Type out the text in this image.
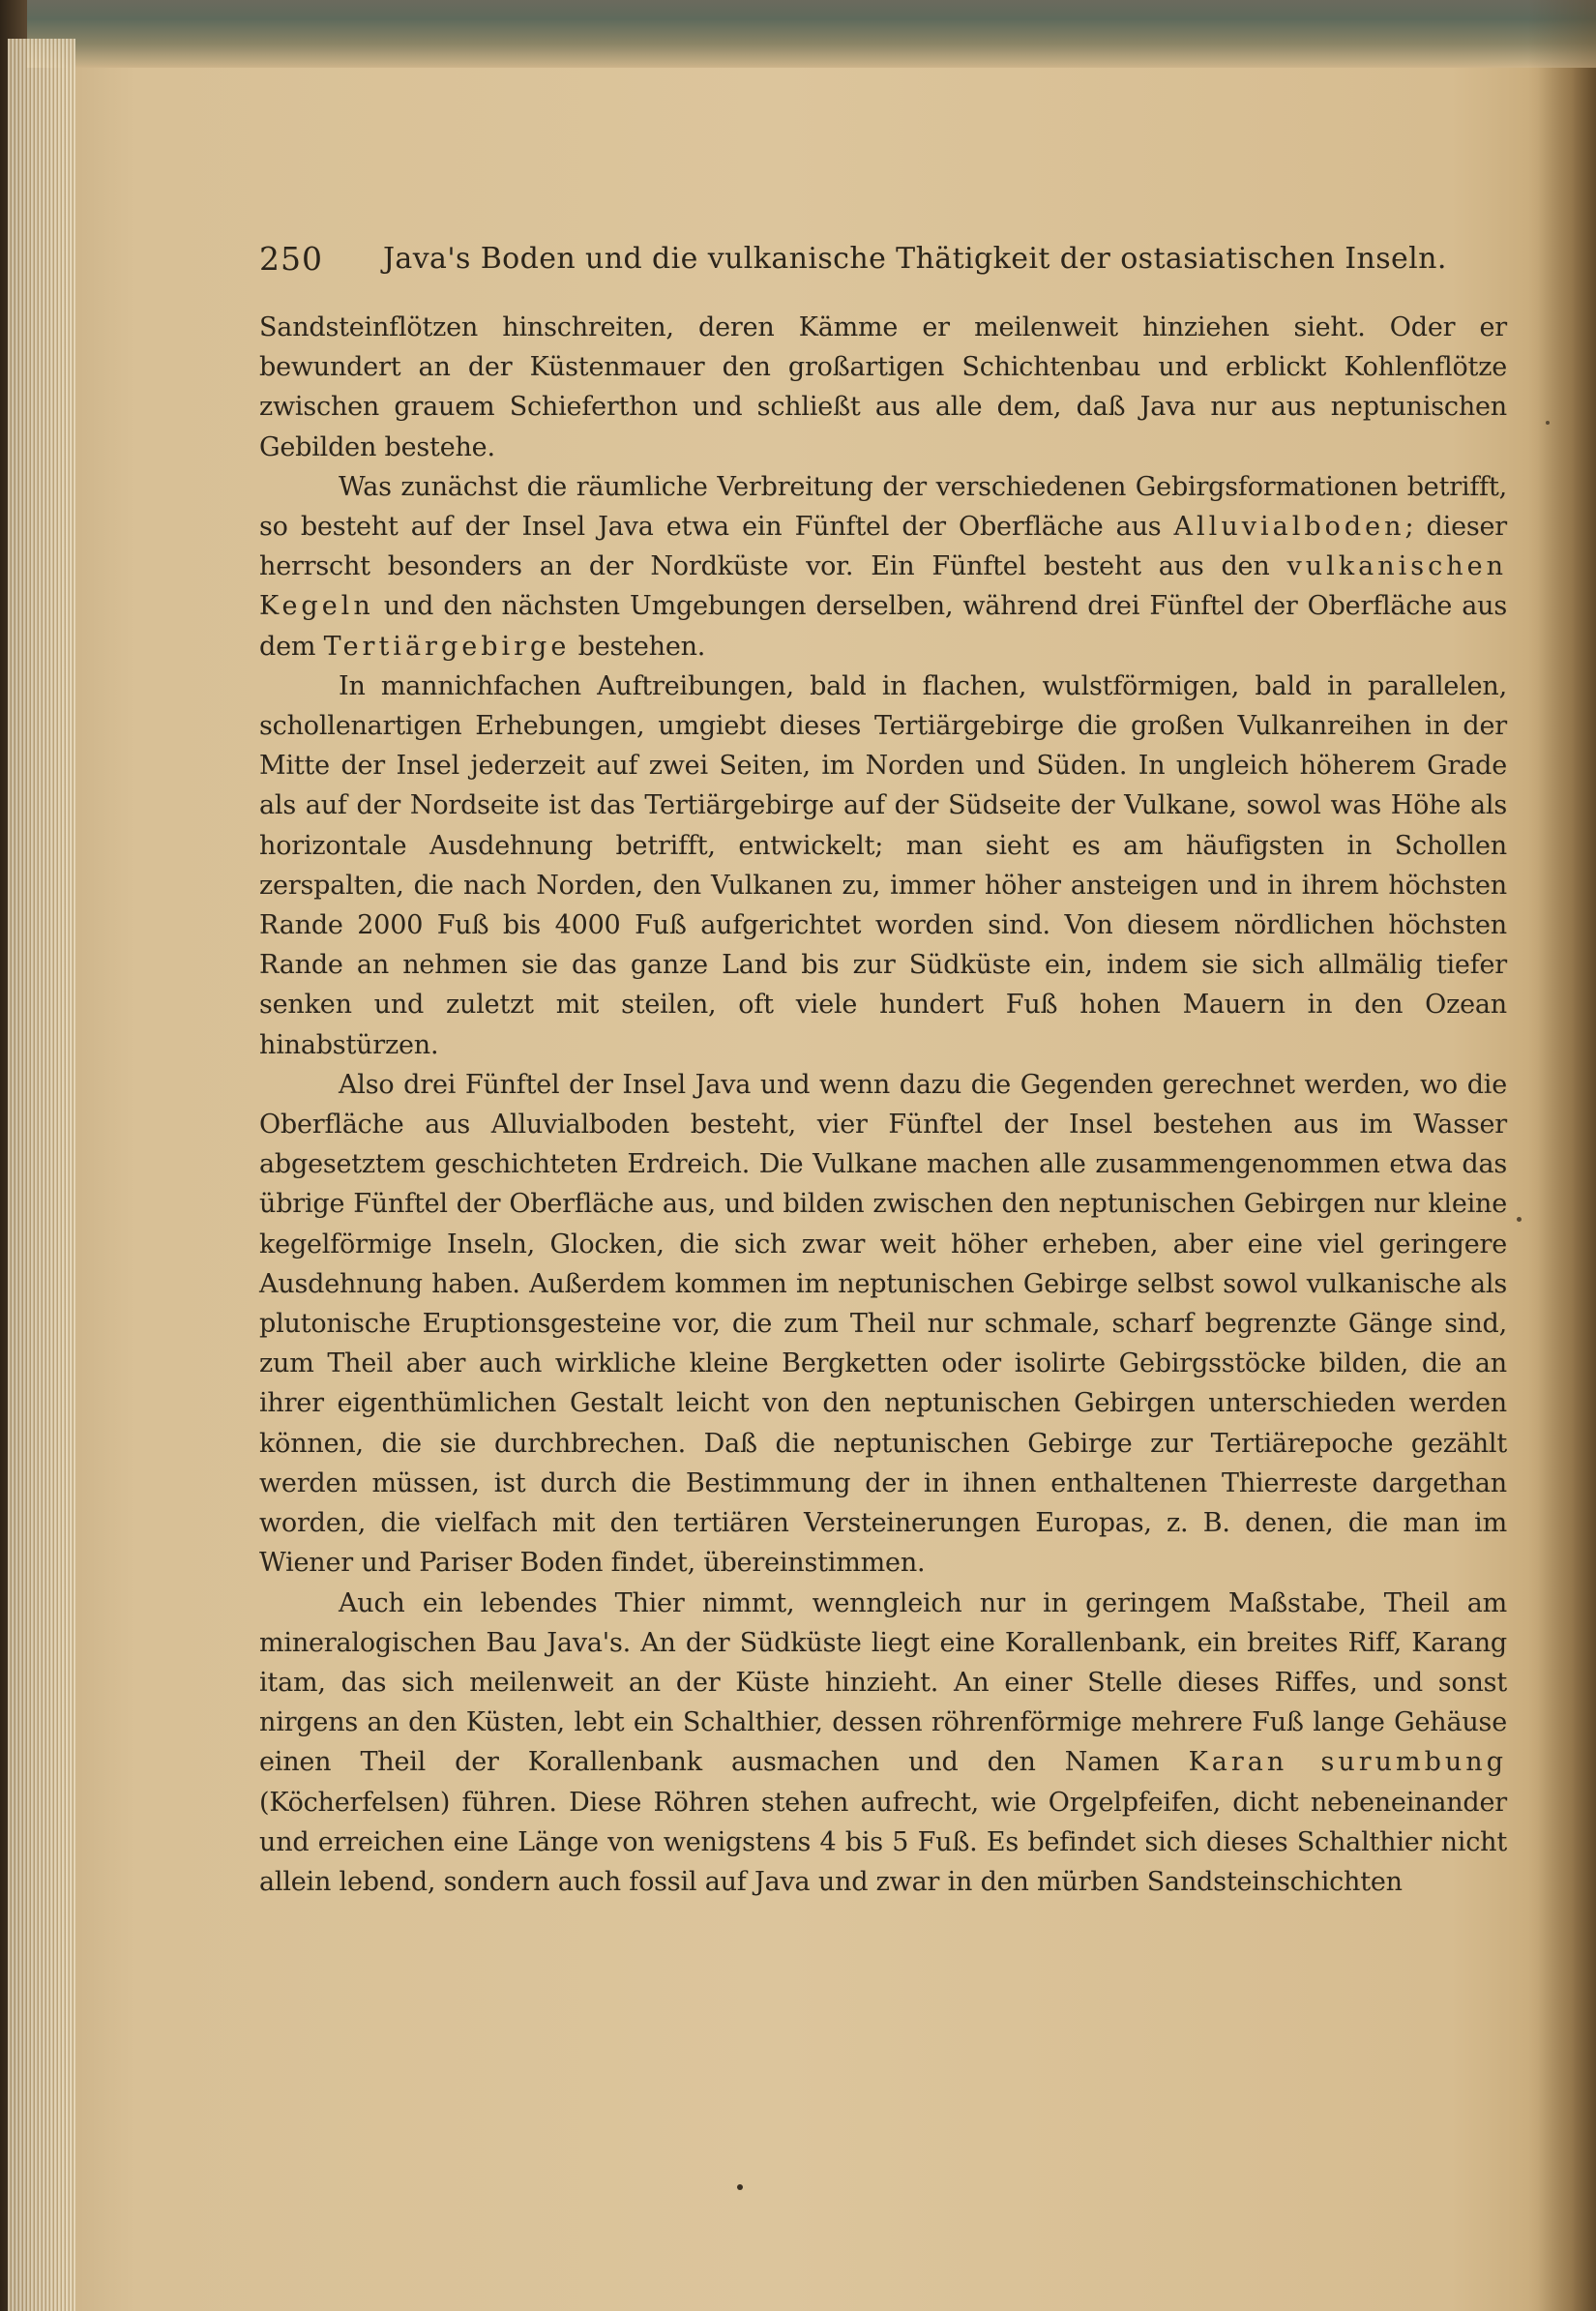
250 Java's Boden und die vulkanische Thätigkeit der ostasiatischen Inseln.

Sandsteinflötzen hinschreiten, deren Kämme er meilenweit hinziehen sieht. Oder er bewundert an der Küstenmauer den großartigen Schichtenbau und erblickt Kohlenflötze zwischen grauem Schieferthon und schließt aus alle dem, daß Java nur aus neptunischen Gebilden bestehe.

Was zunächst die räumliche Verbreitung der verschiedenen Gebirgsformationen betrifft, so besteht auf der Insel Java etwa ein Fünftel der Oberfläche aus Alluvialboden; dieser herrscht besonders an der Nordküste vor. Ein Fünftel besteht aus den vulkanischen Kegeln und den nächsten Umgebungen derselben, während drei Fünftel der Oberfläche aus dem Tertiärgebirge bestehen.

In mannichfachen Auftreibungen, bald in flachen, wulstförmigen, bald in parallelen, schollenartigen Erhebungen, umgiebt dieses Tertiärgebirge die großen Vulkanreihen in der Mitte der Insel jederzeit auf zwei Seiten, im Norden und Süden. In ungleich höherem Grade als auf der Nordseite ist das Tertiärgebirge auf der Südseite der Vulkane, sowol was Höhe als horizontale Ausdehnung betrifft, entwickelt; man sieht es am häufigsten in Schollen zerspalten, die nach Norden, den Vulkanen zu, immer höher ansteigen und in ihrem höchsten Rande 2000 Fuß bis 4000 Fuß aufgerichtet worden sind. Von diesem nördlichen höchsten Rande an nehmen sie das ganze Land bis zur Südküste ein, indem sie sich allmälig tiefer senken und zuletzt mit steilen, oft viele hundert Fuß hohen Mauern in den Ozean hinabstürzen.

Also drei Fünftel der Insel Java und wenn dazu die Gegenden gerechnet werden, wo die Oberfläche aus Alluvialboden besteht, vier Fünftel der Insel bestehen aus im Wasser abgesetztem geschichteten Erdreich. Die Vulkane machen alle zusammengenommen etwa das übrige Fünftel der Oberfläche aus, und bilden zwischen den neptunischen Gebirgen nur kleine kegelförmige Inseln, Glocken, die sich zwar weit höher erheben, aber eine viel geringere Ausdehnung haben. Außerdem kommen im neptunischen Gebirge selbst sowol vulkanische als plutonische Eruptionsgesteine vor, die zum Theil nur schmale, scharf begrenzte Gänge sind, zum Theil aber auch wirkliche kleine Bergketten oder isolirte Gebirgsstöcke bilden, die an ihrer eigenthümlichen Gestalt leicht von den neptunischen Gebirgen unterschieden werden können, die sie durchbrechen. Daß die neptunischen Gebirge zur Tertiärepoche gezählt werden müssen, ist durch die Bestimmung der in ihnen enthaltenen Thierreste dargethan worden, die vielfach mit den tertiären Versteinerungen Europas, z. B. denen, die man im Wiener und Pariser Boden findet, übereinstimmen.

Auch ein lebendes Thier nimmt, wenngleich nur in geringem Maßstabe, Theil am mineralogischen Bau Java's. An der Südküste liegt eine Korallenbank, ein breites Riff, Karang itam, das sich meilenweit an der Küste hinzieht. An einer Stelle dieses Riffes, und sonst nirgens an den Küsten, lebt ein Schalthier, dessen röhrenförmige mehrere Fuß lange Gehäuse einen Theil der Korallenbank ausmachen und den Namen Karan surumbung (Köcherfelsen) führen. Diese Röhren stehen aufrecht, wie Orgelpfeifen, dicht nebeneinander und erreichen eine Länge von wenigstens 4 bis 5 Fuß. Es befindet sich dieses Schalthier nicht allein lebend, sondern auch fossil auf Java und zwar in den mürben Sandsteinschichten
